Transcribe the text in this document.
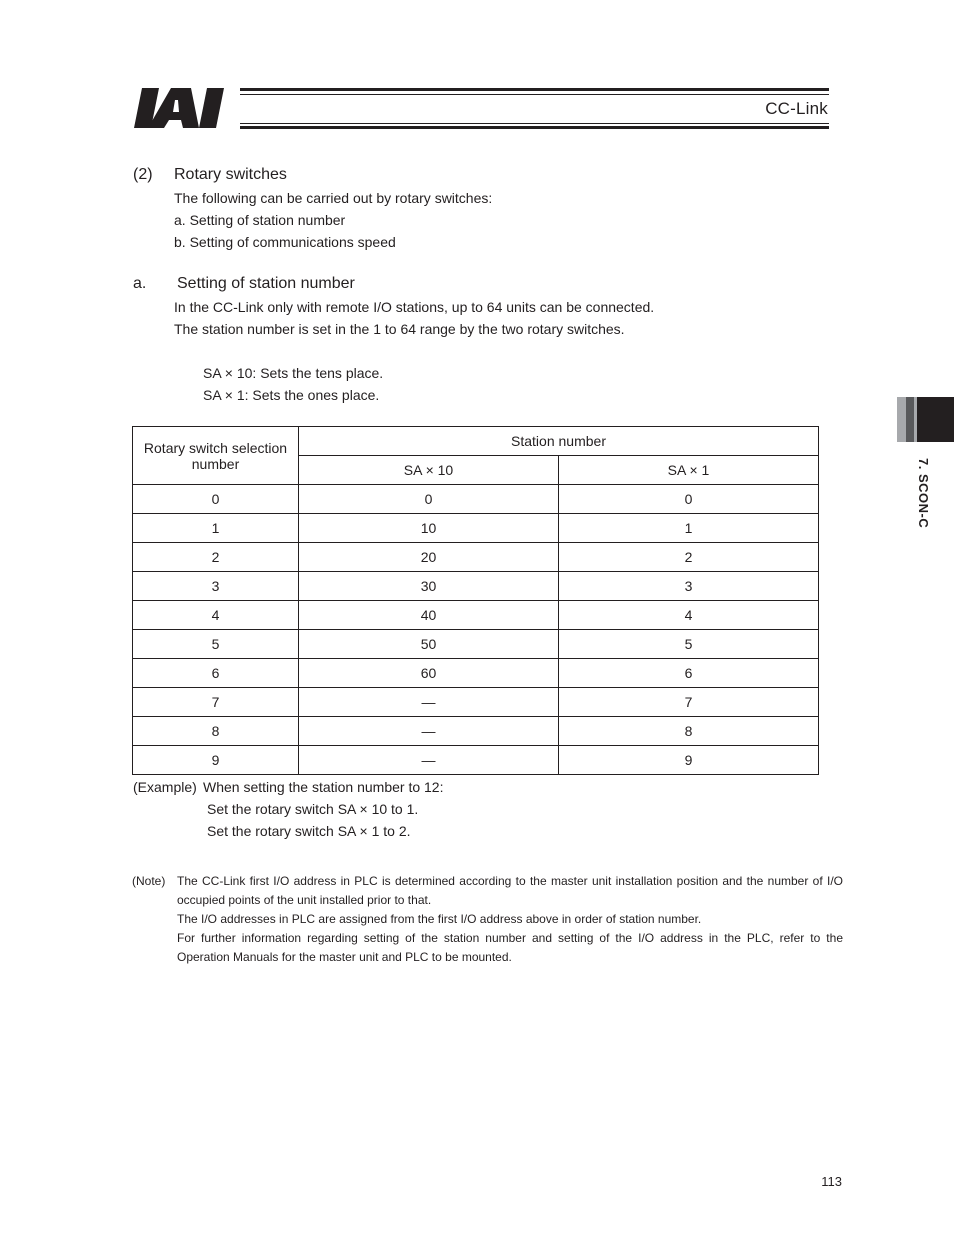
CC-Link
7. SCON-C
(2) Rotary switches
The following can be carried out by rotary switches:
a. Setting of station number
b. Setting of communications speed
a. Setting of station number
In the CC-Link only with remote I/O stations, up to 64 units can be connected.
The station number is set in the 1 to 64 range by the two rotary switches.
SA × 10: Sets the tens place.
SA × 1: Sets the ones place.
Rotary switch selection number	Station number	
	SA × 10	SA × 1
0	0	0
1	10	1
2	20	2
3	30	3
4	40	4
5	50	5
6	60	6
7	—	7
8	—	8
9	—	9
(Example) When setting the station number to 12:
Set the rotary switch SA × 10 to 1.
Set the rotary switch SA × 1 to 2.
(Note) The CC-Link first I/O address in PLC is determined according to the master unit installation position and the number of I/O occupied points of the unit installed prior to that.
The I/O addresses in PLC are assigned from the first I/O address above in order of station number.
For further information regarding setting of the station number and setting of the I/O address in the PLC, refer to the Operation Manuals for the master unit and PLC to be mounted.
113
